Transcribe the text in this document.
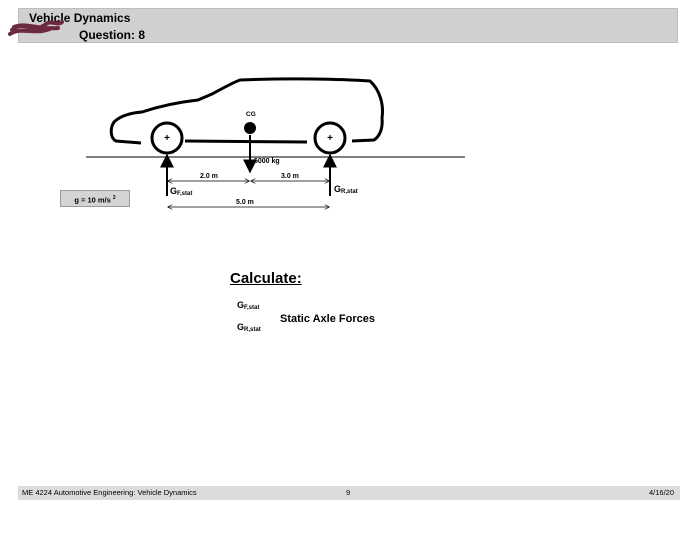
Vehicle Dynamics
Question: 8
+	+
CG
5000 kg
2.0 m	3.0 m
5.0 m
$G_{F,stat}$	$G_{R,stat}$
g = 10 m/s $^2$
Calculate:
$G_{F,stat}$
$G_{R,stat}$
Static Axle Forces
ME 4224 Automotive Engineering: Vehicle Dynamics	9	4/16/20
